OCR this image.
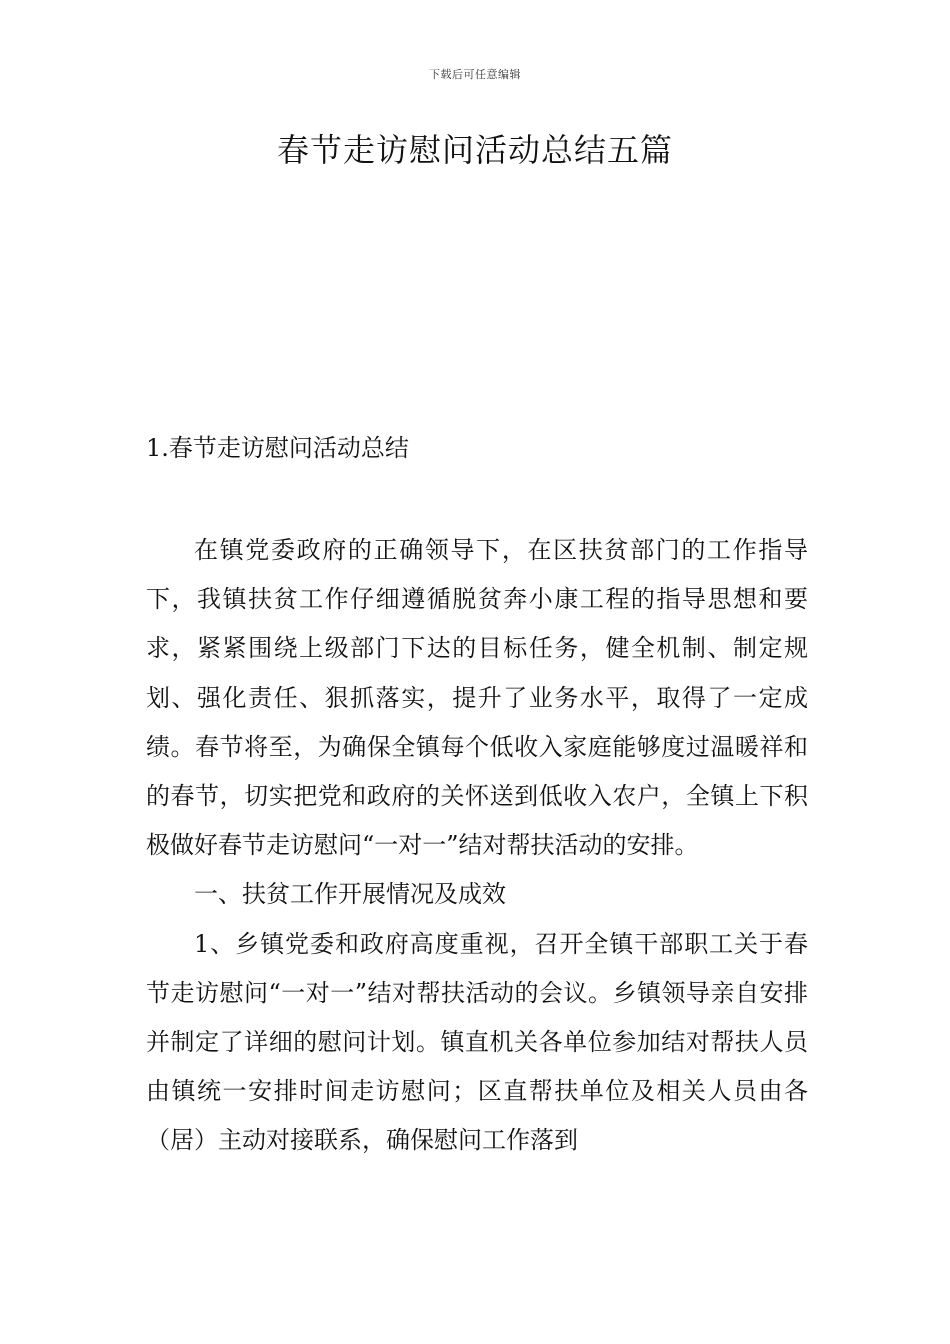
下载后可任意编辑
春节走访慰问活动总结五篇
1.春节走访慰问活动总结

在镇党委政府的正确领导下，在区扶贫部门的工作指导下，我镇扶贫工作仔细遵循脱贫奔小康工程的指导思想和要求，紧紧围绕上级部门下达的目标任务，健全机制、制定规划、强化责任、狠抓落实，提升了业务水平，取得了一定成绩。春节将至，为确保全镇每个低收入家庭能够度过温暖祥和的春节，切实把党和政府的关怀送到低收入农户，全镇上下积极做好春节走访慰问“一对一”结对帮扶活动的安排。

一、扶贫工作开展情况及成效

1、乡镇党委和政府高度重视，召开全镇干部职工关于春节走访慰问“一对一”结对帮扶活动的会议。乡镇领导亲自安排并制定了详细的慰问计划。镇直机关各单位参加结对帮扶人员由镇统一安排时间走访慰问；区直帮扶单位及相关人员由各（居）主动对接联系，确保慰问工作落到
